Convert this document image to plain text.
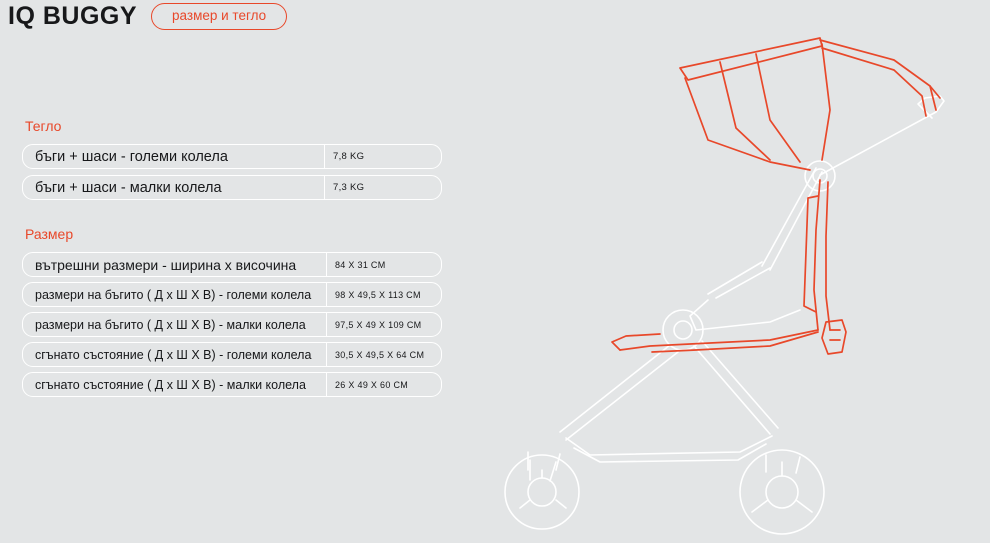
IQ BUGGY	размер и тегло
Тегло
бъги + шаси - големи колела	7,8 KG
бъги + шаси - малки колела	7,3 KG
Размер
вътрешни размери - ширина х височина	84 X 31 CM
размери на бъгито ( Д х Ш Х В) - големи колела	98 X 49,5 X 113 CM
размери на бъгито ( Д х Ш Х В) - малки колела	97,5 X 49 X 109 CM
сгънато състояние ( Д х Ш Х В) - големи колела	30,5 X 49,5 X 64 CM
сгънато състояние ( Д х Ш Х В) - малки колела	26 X 49 X 60 CM
